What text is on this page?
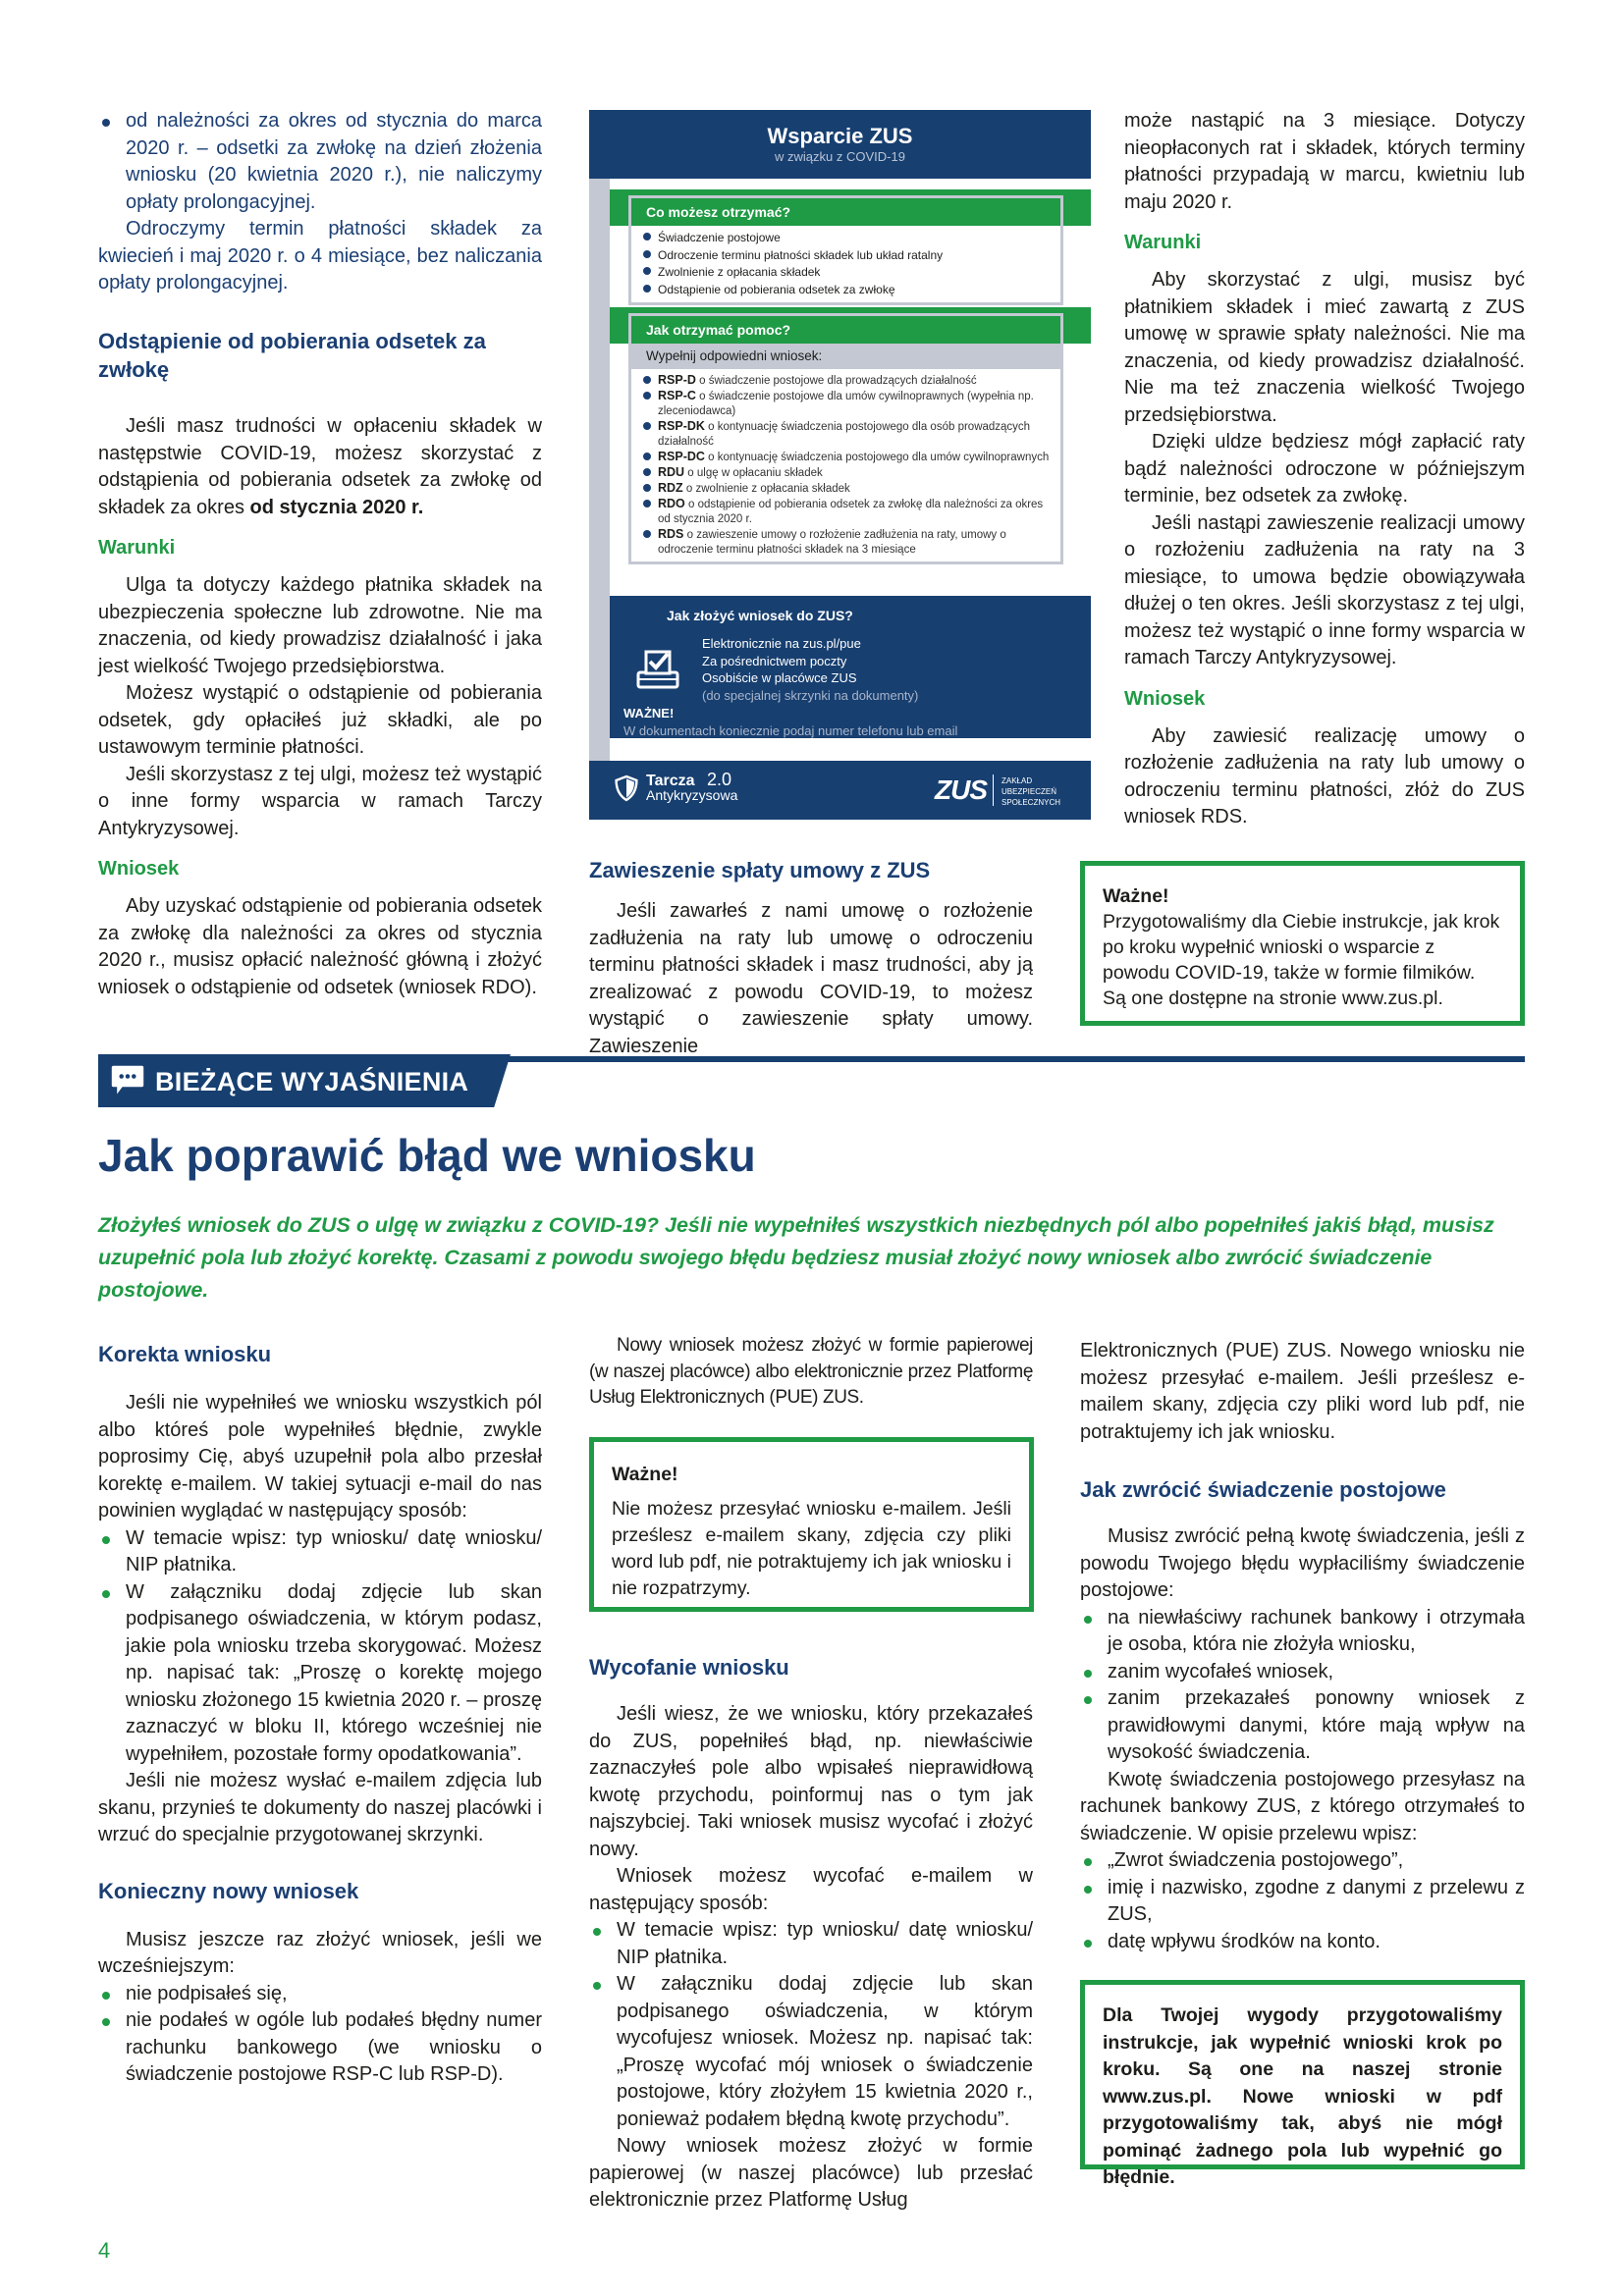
od należności za okres od stycznia do marca 2020 r. – odsetki za zwłokę na dzień złożenia wniosku (20 kwietnia 2020 r.), nie naliczymy opłaty prolongacyjnej.

Odroczymy termin płatności składek za kwiecień i maj 2020 r. o 4 miesiące, bez naliczania opłaty prolongacyjnej.

Odstąpienie od pobierania odsetek za zwłokę

Jeśli masz trudności w opłaceniu składek w następstwie COVID-19, możesz skorzystać z odstąpienia od pobierania odsetek za zwłokę od składek za okres od stycznia 2020 r.

Warunki

Ulga ta dotyczy każdego płatnika składek na ubezpieczenia społeczne lub zdrowotne. Nie ma znaczenia, od kiedy prowadzisz działalność i jaka jest wielkość Twojego przedsiębiorstwa.

Możesz wystąpić o odstąpienie od pobierania odsetek, gdy opłaciłeś już składki, ale po ustawowym terminie płatności.

Jeśli skorzystasz z tej ulgi, możesz też wystąpić o inne formy wsparcia w ramach Tarczy Antykryzysowej.

Wniosek

Aby uzyskać odstąpienie od pobierania odsetek za zwłokę dla należności za okres od stycznia 2020 r., musisz opłacić należność główną i złożyć wniosek o odstąpienie od odsetek (wniosek RDO).

Wsparcie ZUS
w związku z COVID-19
Co możesz otrzymać?
Świadczenie postojowe
Odroczenie terminu płatności składek lub układ ratalny
Zwolnienie z opłacania składek
Odstąpienie od pobierania odsetek za zwłokę
Jak otrzymać pomoc?
Wypełnij odpowiedni wniosek:
RSP-D o świadczenie postojowe dla prowadzących działalność
RSP-C o świadczenie postojowe dla umów cywilnoprawnych (wypełnia np. zleceniodawca)
RSP-DK o kontynuację świadczenia postojowego dla osób prowadzących działalność
RSP-DC o kontynuację świadczenia postojowego dla umów cywilnoprawnych
RDU o ulgę w opłacaniu składek
RDZ o zwolnienie z opłacania składek
RDO o odstąpienie od pobierania odsetek za zwłokę dla należności za okres od stycznia 2020 r.
RDS o zawieszenie umowy o rozłożenie zadłużenia na raty, umowy o odroczenie terminu płatności składek na 3 miesiące
Jak złożyć wniosek do ZUS?
Elektronicznie na zus.pl/pue
Za pośrednictwem poczty
Osobiście w placówce ZUS
(do specjalnej skrzynki na dokumenty)
WAŻNE!
W dokumentach koniecznie podaj numer telefonu lub email
Tarcza 2.0
Antykryzysowa	ZUS ZAKŁAD
UBEZPIECZEŃ
SPOŁECZNYCH
Zawieszenie spłaty umowy z ZUS

Jeśli zawarłeś z nami umowę o rozłożenie zadłużenia na raty lub umowę o odroczeniu terminu płatności składek i masz trudności, aby ją zrealizować z powodu COVID-19, to możesz wystąpić o zawieszenie spłaty umowy. Zawieszenie

może nastąpić na 3 miesiące. Dotyczy nieopłaconych rat i składek, których terminy płatności przypadają w marcu, kwietniu lub maju 2020 r.

Warunki

Aby skorzystać z ulgi, musisz być płatnikiem składek i mieć zawartą z ZUS umowę w sprawie spłaty należności. Nie ma znaczenia, od kiedy prowadzisz działalność. Nie ma też znaczenia wielkość Twojego przedsiębiorstwa.

Dzięki uldze będziesz mógł zapłacić raty bądź należności odroczone w późniejszym terminie, bez odsetek za zwłokę.

Jeśli nastąpi zawieszenie realizacji umowy o rozłożeniu zadłużenia na raty na 3 miesiące, to umowa będzie obowiązywała dłużej o ten okres. Jeśli skorzystasz z tej ulgi, możesz też wystąpić o inne formy wsparcia w ramach Tarczy Antykryzysowej.

Wniosek

Aby zawiesić realizację umowy o rozłożenie zadłużenia na raty lub umowy o odroczeniu terminu płatności, złóż do ZUS wniosek RDS.

Ważne!
Przygotowaliśmy dla Ciebie instrukcje, jak krok po kroku wypełnić wnioski o wsparcie z powodu COVID-19, także w formie filmików. Są one dostępne na stronie www.zus.pl.
BIEŻĄCE WYJAŚNIENIA
Jak poprawić błąd we wniosku
Złożyłeś wniosek do ZUS o ulgę w związku z COVID-19? Jeśli nie wypełniłeś wszystkich niezbędnych pól albo popełniłeś jakiś błąd, musisz uzupełnić pola lub złożyć korektę. Czasami z powodu swojego błędu będziesz musiał złożyć nowy wniosek albo zwrócić świadczenie postojowe.
Korekta wniosku

Jeśli nie wypełniłeś we wniosku wszystkich pól albo któreś pole wypełniłeś błędnie, zwykle poprosimy Cię, abyś uzupełnił pola albo przesłał korektę e-mailem. W takiej sytuacji e-mail do nas powinien wyglądać w następujący sposób:

W temacie wpisz: typ wniosku/ datę wniosku/ NIP płatnika.
W załączniku dodaj zdjęcie lub skan podpisanego oświadczenia, w którym podasz, jakie pola wniosku trzeba skorygować. Możesz np. napisać tak: „Proszę o korektę mojego wniosku złożonego 15 kwietnia 2020 r. – proszę zaznaczyć w bloku II, którego wcześniej nie wypełniłem, pozostałe formy opodatkowania”.

Jeśli nie możesz wysłać e-mailem zdjęcia lub skanu, przynieś te dokumenty do naszej placówki i wrzuć do specjalnie przygotowanej skrzynki.

Konieczny nowy wniosek

Musisz jeszcze raz złożyć wniosek, jeśli we wcześniejszym:

nie podpisałeś się,
nie podałeś w ogóle lub podałeś błędny numer rachunku bankowego (we wniosku o świadczenie postojowe RSP-C lub RSP-D).

Nowy wniosek możesz złożyć w formie papierowej (w naszej placówce) albo elektronicznie przez Platformę Usług Elektronicznych (PUE) ZUS.

Ważne!
Nie możesz przesyłać wniosku e-mailem. Jeśli prześlesz e-mailem skany, zdjęcia czy pliki word lub pdf, nie potraktujemy ich jak wniosku i nie rozpatrzymy.
Wycofanie wniosku

Jeśli wiesz, że we wniosku, który przekazałeś do ZUS, popełniłeś błąd, np. niewłaściwie zaznaczyłeś pole albo wpisałeś nieprawidłową kwotę przychodu, poinformuj nas o tym jak najszybciej. Taki wniosek musisz wycofać i złożyć nowy.

Wniosek możesz wycofać e-mailem w następujący sposób:

W temacie wpisz: typ wniosku/ datę wniosku/ NIP płatnika.
W załączniku dodaj zdjęcie lub skan podpisanego oświadczenia, w którym wycofujesz wniosek. Możesz np. napisać tak: „Proszę wycofać mój wniosek o świadczenie postojowe, który złożyłem 15 kwietnia 2020 r., ponieważ podałem błędną kwotę przychodu”.

Nowy wniosek możesz złożyć w formie papierowej (w naszej placówce) lub przesłać elektronicznie przez Platformę Usług

Elektronicznych (PUE) ZUS. Nowego wniosku nie możesz przesyłać e-mailem. Jeśli prześlesz e-mailem skany, zdjęcia czy pliki word lub pdf, nie potraktujemy ich jak wniosku.

Jak zwrócić świadczenie postojowe

Musisz zwrócić pełną kwotę świadczenia, jeśli z powodu Twojego błędu wypłaciliśmy świadczenie postojowe:

na niewłaściwy rachunek bankowy i otrzymała je osoba, która nie złożyła wniosku,
zanim wycofałeś wniosek,
zanim przekazałeś ponowny wniosek z prawidłowymi danymi, które mają wpływ na wysokość świadczenia.

Kwotę świadczenia postojowego przesyłasz na rachunek bankowy ZUS, z którego otrzymałeś to świadczenie. W opisie przelewu wpisz:

„Zwrot świadczenia postojowego”,
imię i nazwisko, zgodne z danymi z przelewu z ZUS,
datę wpływu środków na konto.
Dla Twojej wygody przygotowaliśmy instrukcje, jak wypełnić wnioski krok po kroku. Są one na naszej stronie www.zus.pl. Nowe wnioski w pdf przygotowaliśmy tak, abyś nie mógł pominąć żadnego pola lub wypełnić go błędnie.
4
